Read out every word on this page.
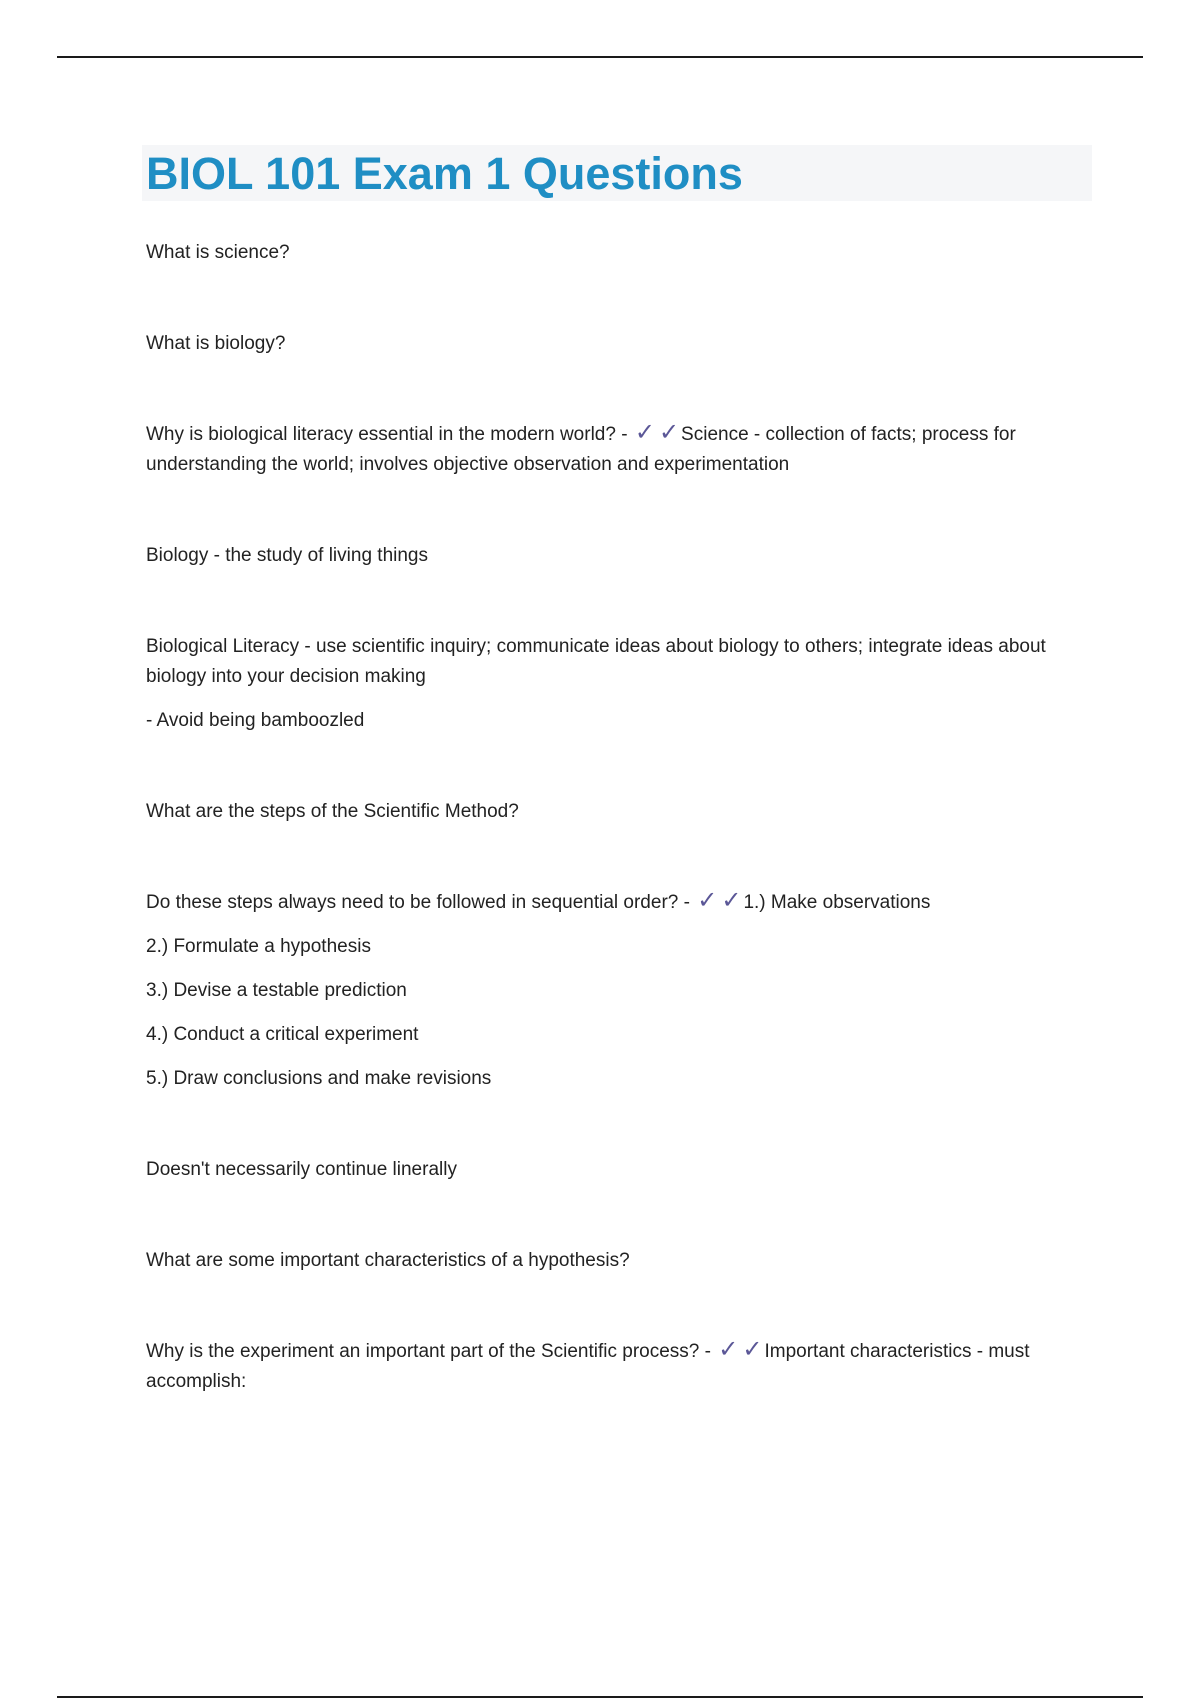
BIOL 101 Exam 1 Questions

What is science?

What is biology?

Why is biological literacy essential in the modern world? - ✓ ✓ Science - collection of facts; process for understanding the world; involves objective observation and experimentation

Biology - the study of living things

Biological Literacy - use scientific inquiry; communicate ideas about biology to others; integrate ideas about biology into your decision making

- Avoid being bamboozled

What are the steps of the Scientific Method?

Do these steps always need to be followed in sequential order? - ✓ ✓ 1.) Make observations

2.) Formulate a hypothesis

3.) Devise a testable prediction

4.) Conduct a critical experiment

5.) Draw conclusions and make revisions

Doesn't necessarily continue linerally

What are some important characteristics of a hypothesis?

Why is the experiment an important part of the Scientific process? - ✓ ✓ Important characteristics - must accomplish:
